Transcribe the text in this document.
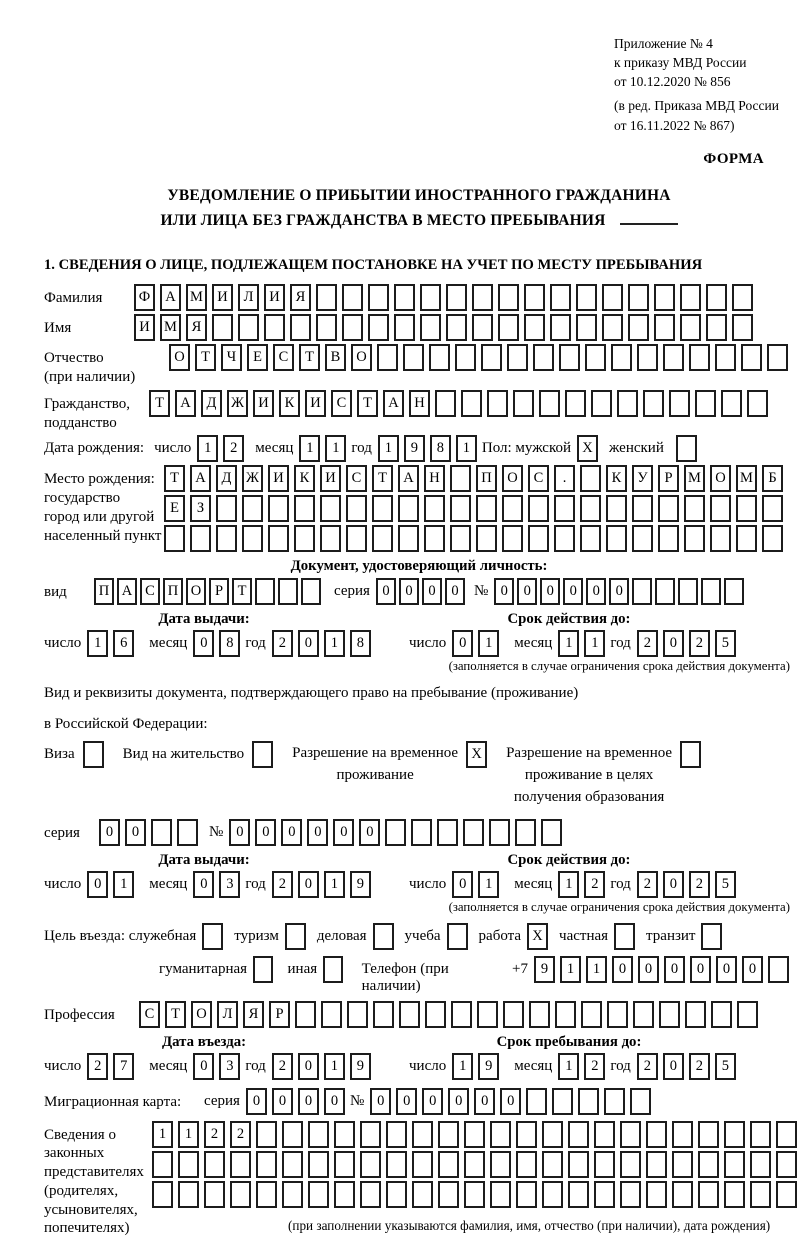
Приложение № 4
к приказу МВД России
от 10.12.2020 № 856
(в ред. Приказа МВД России
от 16.11.2022 № 867)
ФОРМА
УВЕДОМЛЕНИЕ О ПРИБЫТИИ ИНОСТРАННОГО ГРАЖДАНИНА
ИЛИ ЛИЦА БЕЗ ГРАЖДАНСТВА В МЕСТО ПРЕБЫВАНИЯ
1. СВЕДЕНИЯ О ЛИЦЕ, ПОДЛЕЖАЩЕМ ПОСТАНОВКЕ НА УЧЕТ ПО МЕСТУ ПРЕБЫВАНИЯ
Фамилия	Ф А М И Л И Я
Имя	И М Я
Отчество
(при наличии)
О Т Ч Е С Т В О
Гражданство,
подданство
Т А Д Ж И К И С Т А Н
Дата рождения: число 1 2	месяц 1 1 год 1 9 8 1 Пол: мужской X	женский
Место рождения:
государство
город или другой
населенный пункт
Т А Д Ж И К И С Т А Н	П О С .	К У Р М О М Б
Е З
Документ, удостоверяющий личность:
вид	П А С П О Р Т	серия 0 0 0 0	№ 0 0 0 0 0 0
Дата выдачи:
число 1 6	месяц 0 8 год 2 0 1 8
Срок действия до:
число 0 1	месяц 1 1 год 2 0 2 5
(заполняется в случае ограничения срока действия документа)
Вид и реквизиты документа, подтверждающего право на пребывание (проживание)
в Российской Федерации:
Виза	Вид на жительство	Разрешение на временное
проживание
X	Разрешение на временное
проживание в целях
получения образования
серия	0 0	№ 0 0 0 0 0 0
Дата выдачи:
число 0 1	месяц 0 3 год 2 0 1 9
Срок действия до:
число 0 1	месяц 1 2 год 2 0 2 5
(заполняется в случае ограничения срока действия документа)
Цель въезда: служебная	туризм	деловая	учеба	работа X	частная	транзит
гуманитарная	иная	Телефон (при наличии)
+7 9 1 1 0 0 0 0 0 0
Профессия	С Т О Л Я Р
Дата въезда:
число 2 7	месяц 0 3 год 2 0 1 9
Срок пребывания до:
число 1 9	месяц 1 2 год 2 0 2 5
Миграционная карта:	серия 0 0 0 0 № 0 0 0 0 0 0
Сведения о
законных
представителях
(родителях,
усыновителях,
попечителях)
1 1 2 2
(при заполнении указываются фамилия, имя, отчество (при наличии), дата рождения)
